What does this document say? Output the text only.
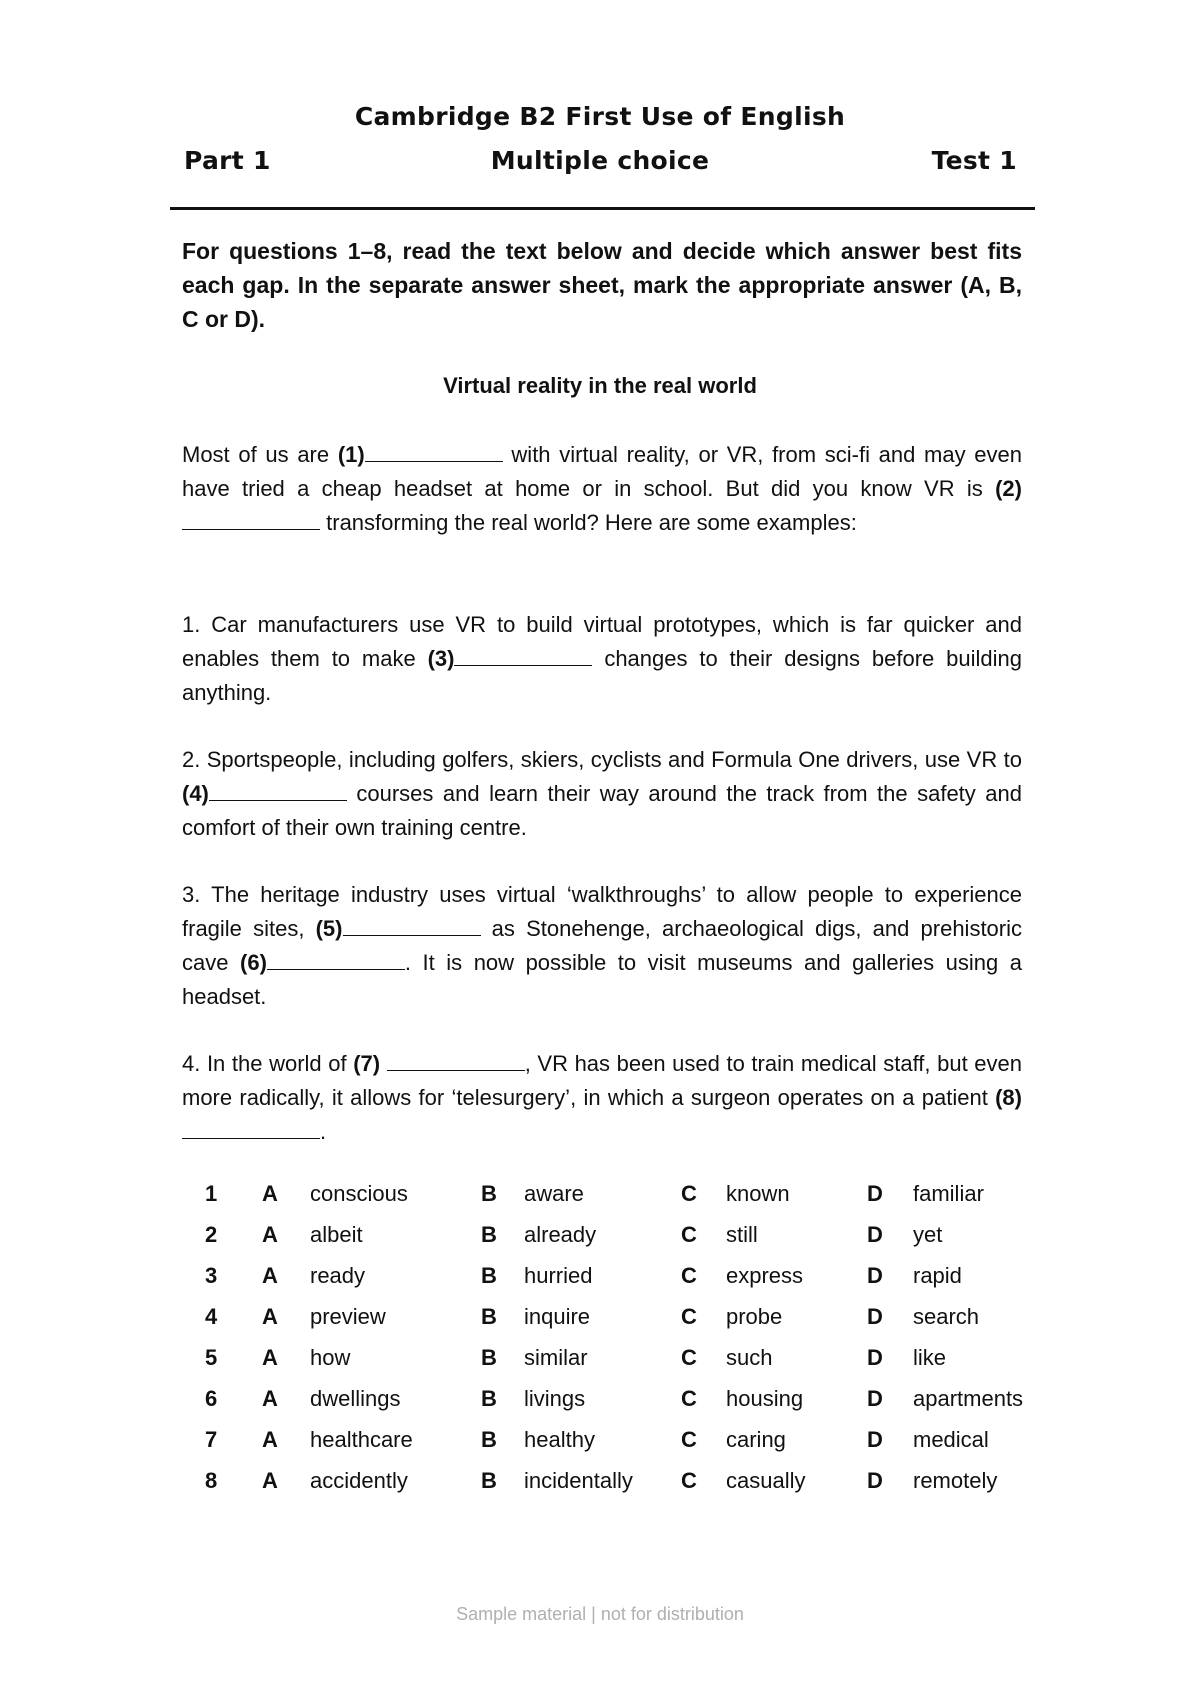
Cambridge B2 First Use of English
Multiple choice
Part 1	Test 1
For questions 1–8, read the text below and decide which answer best fits each gap. In the separate answer sheet, mark the appropriate answer (A, B, C or D).
Virtual reality in the real world
Most of us are (1)	with virtual reality, or VR, from sci-fi and may even have tried a cheap headset at home or in school. But did you know VR is (2) transforming the real world? Here are some examples:
1. Car manufacturers use VR to build virtual prototypes, which is far quicker and enables them to make (3)	changes to their designs before building anything.
2. Sportspeople, including golfers, skiers, cyclists and Formula One drivers, use VR to (4)	courses and learn their way around the track from the safety and comfort of their own training centre.
3. The heritage industry uses virtual ‘walkthroughs’ to allow people to experience fragile sites, (5)	as Stonehenge, archaeological digs, and prehistoric cave (6)	. It is now possible to visit museums and galleries using a headset.
4. In the world of (7)	, VR has been used to train medical staff, but even more radically, it allows for ‘telesurgery’, in which a surgeon operates on a patient (8) .
1 A conscious	B aware	C known	D familiar
2 A albeit	B already	C still	D yet
3 A ready	B hurried	C express	D rapid
4 A preview	B inquire	C probe	D search
5 A how	B similar	C such	D like
6 A dwellings	B livings	C housing	D apartments
7 A healthcare	B healthy	C caring	D medical
8 A accidently	B incidentally C casually	D remotely
Sample material | not for distribution
